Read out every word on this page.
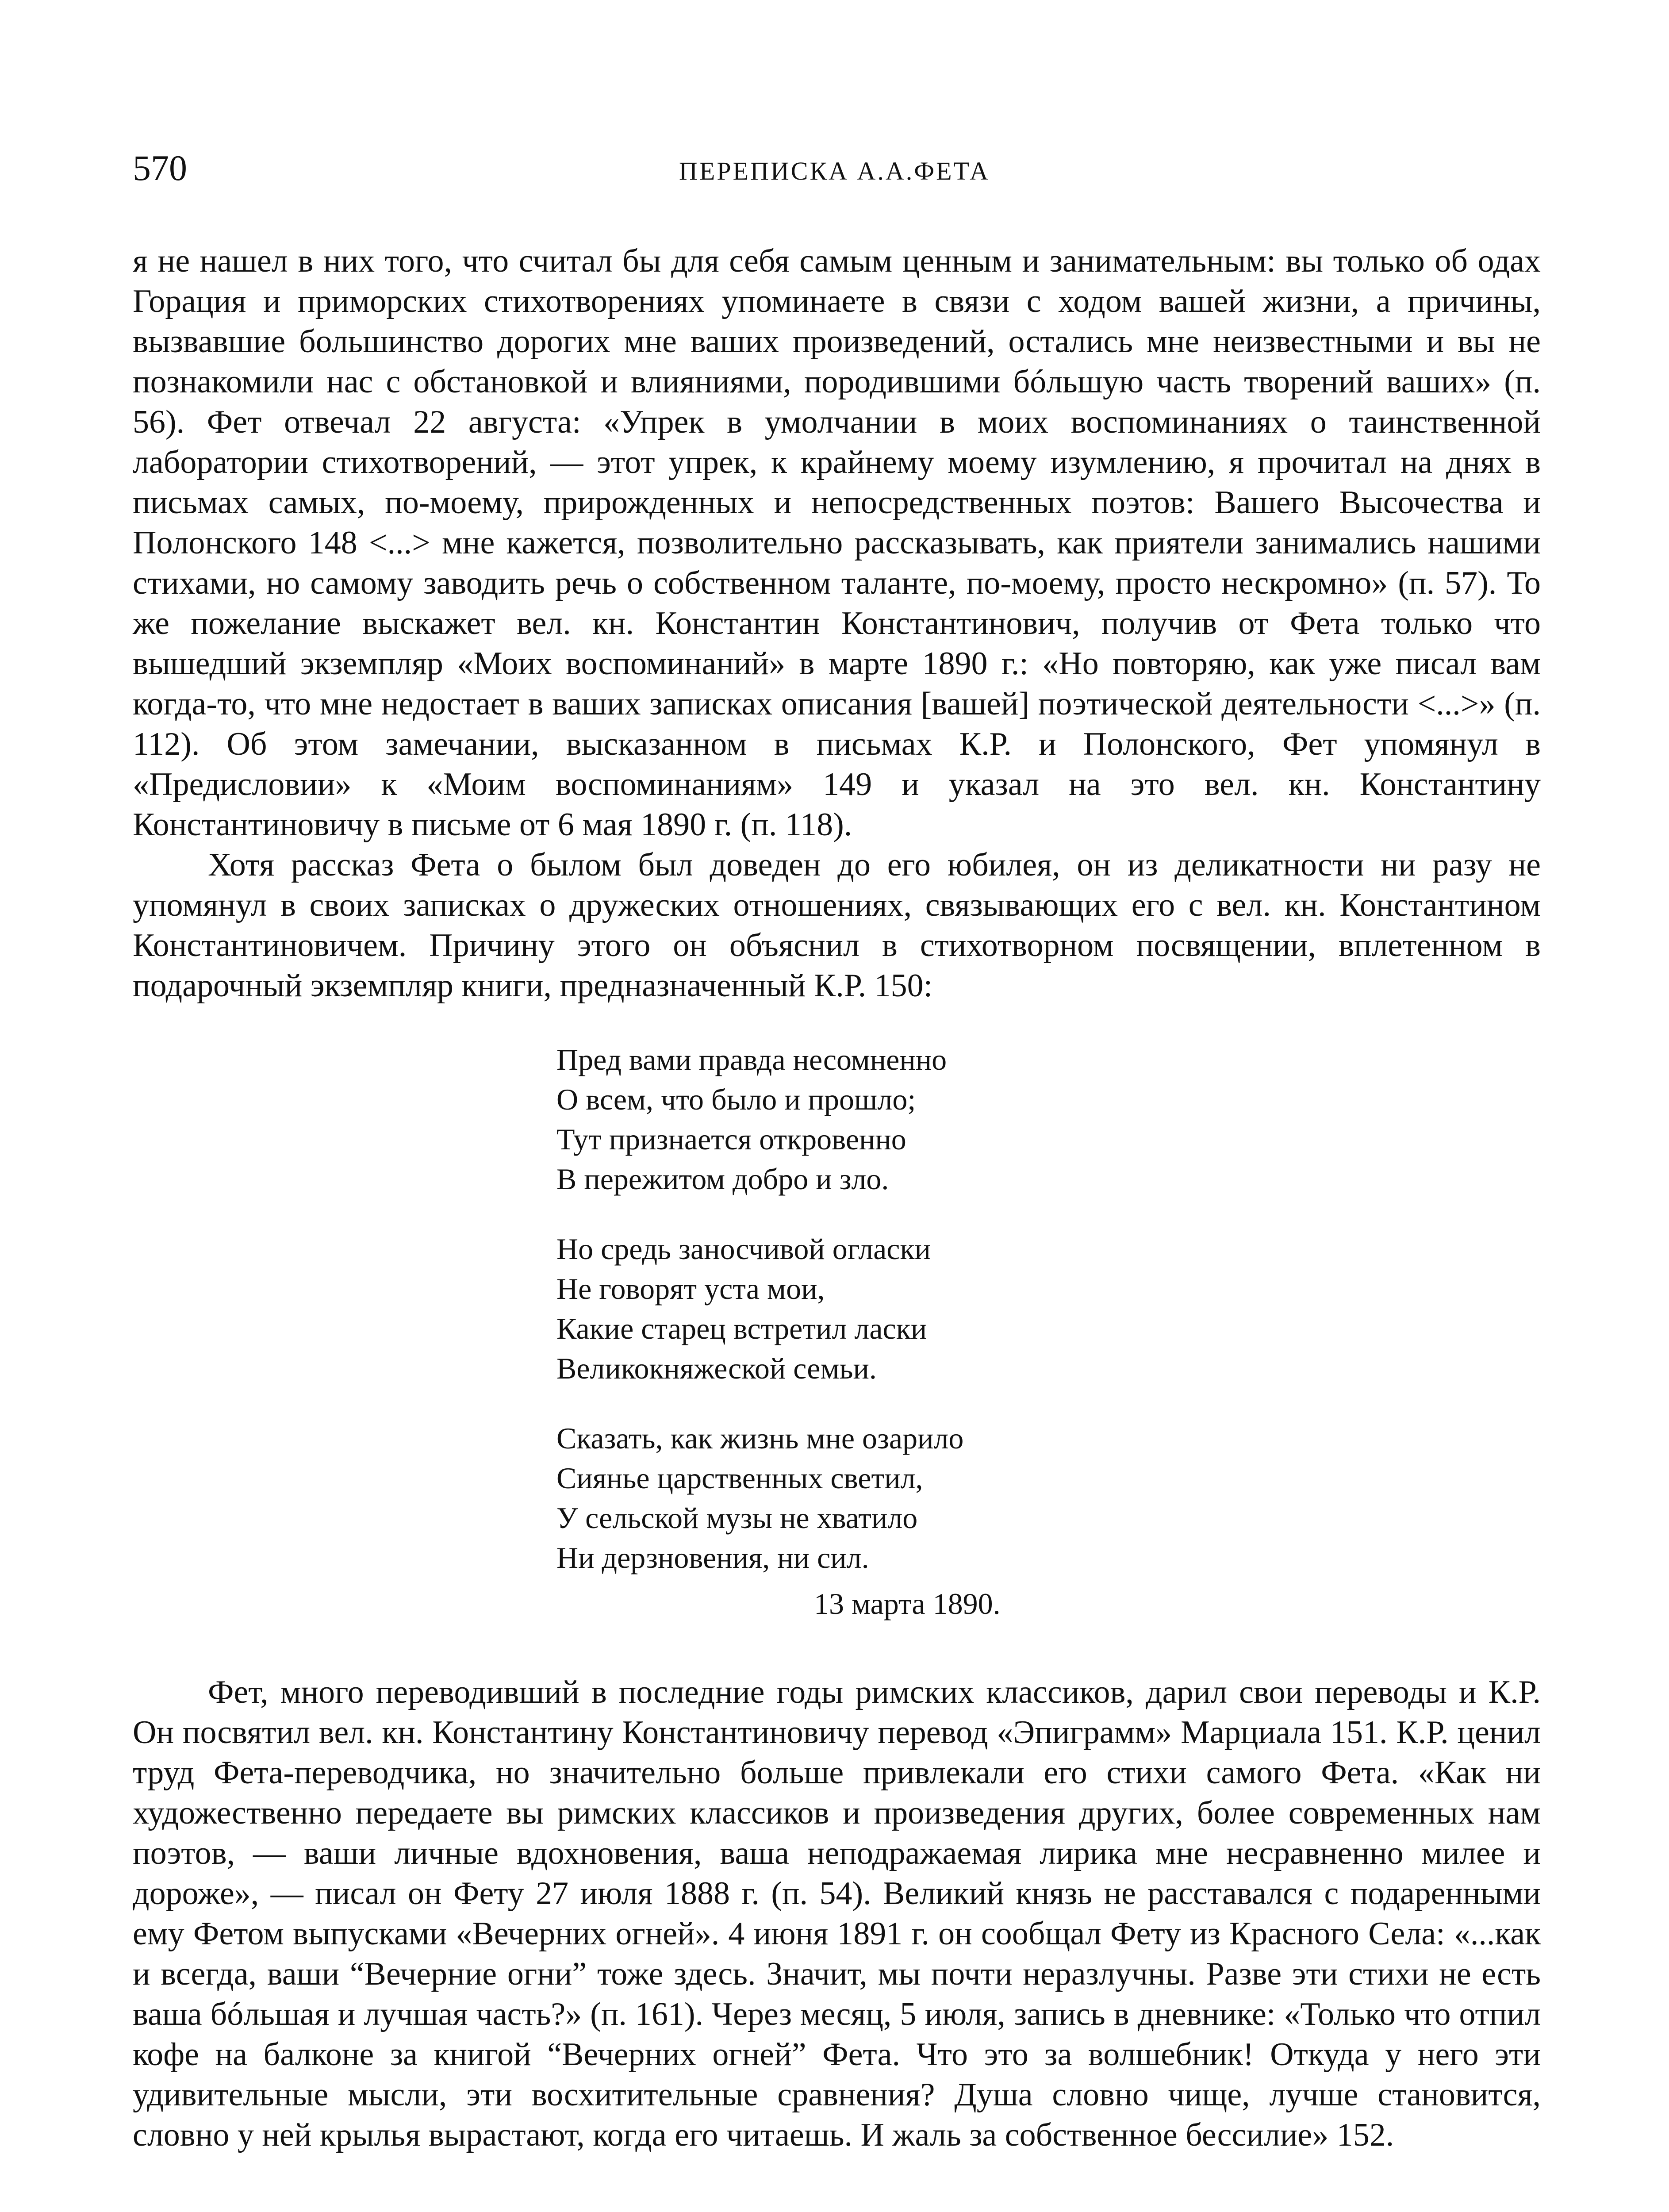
570	ПЕРЕПИСКА А.А.ФЕТА

я не нашел в них того, что считал бы для себя самым ценным и занимательным: вы только об одах Горация и приморских стихотворениях упоминаете в связи с ходом вашей жизни, а причины, вызвавшие большинство дорогих мне ваших произведений, остались мне неизвестными и вы не познакомили нас с обстановкой и влияниями, породившими бóльшую часть творений ваших» (п. 56). Фет отвечал 22 августа: «Упрек в умолчании в моих воспоминаниях о таинственной лаборатории стихотворений, — этот упрек, к крайнему моему изумлению, я прочитал на днях в письмах самых, по-моему, прирожденных и непосредственных поэтов: Вашего Высочества и Полонского 148 <...> мне кажется, позволительно рассказывать, как приятели занимались нашими стихами, но самому заводить речь о собственном таланте, по-моему, просто нескромно» (п. 57). То же пожелание выскажет вел. кн. Константин Константинович, получив от Фета только что вышедший экземпляр «Моих воспоминаний» в марте 1890 г.: «Но повторяю, как уже писал вам когда-то, что мне недостает в ваших записках описания [вашей] поэтической деятельности <...>» (п. 112). Об этом замечании, высказанном в письмах К.Р. и Полонского, Фет упомянул в «Предисловии» к «Моим воспоминаниям» 149 и указал на это вел. кн. Константину Константиновичу в письме от 6 мая 1890 г. (п. 118).

Хотя рассказ Фета о былом был доведен до его юбилея, он из деликатности ни разу не упомянул в своих записках о дружеских отношениях, связывающих его с вел. кн. Константином Константиновичем. Причину этого он объяснил в стихотворном посвящении, вплетенном в подарочный экземпляр книги, предназначенный К.Р. 150:

Пред вами правда несомненно
О всем, что было и прошло;
Тут признается откровенно
В пережитом добро и зло.
Но средь заносчивой огласки
Не говорят уста мои,
Какие старец встретил ласки
Великокняжеской семьи.
Сказать, как жизнь мне озарило
Сиянье царственных светил,
У сельской музы не хватило
Ни дерзновения, ни сил.
13 марта 1890.

Фет, много переводивший в последние годы римских классиков, дарил свои переводы и К.Р. Он посвятил вел. кн. Константину Константиновичу перевод «Эпиграмм» Марциала 151. К.Р. ценил труд Фета-переводчика, но значительно больше привлекали его стихи самого Фета. «Как ни художественно передаете вы римских классиков и произведения других, более современных нам поэтов, — ваши личные вдохновения, ваша неподражаемая лирика мне несравненно милее и дороже», — писал он Фету 27 июля 1888 г. (п. 54). Великий князь не расставался с подаренными ему Фетом выпусками «Вечерних огней». 4 июня 1891 г. он сообщал Фету из Красного Села: «...как и всегда, ваши “Вечерние огни” тоже здесь. Значит, мы почти неразлучны. Разве эти стихи не есть ваша бóльшая и лучшая часть?» (п. 161). Через месяц, 5 июля, запись в дневнике: «Только что отпил кофе на балконе за книгой “Вечерних огней” Фета. Что это за волшебник! Откуда у него эти удивительные мысли, эти восхитительные сравнения? Душа словно чище, лучше становится, словно у ней крылья вырастают, когда его читаешь. И жаль за собственное бессилие» 152.
